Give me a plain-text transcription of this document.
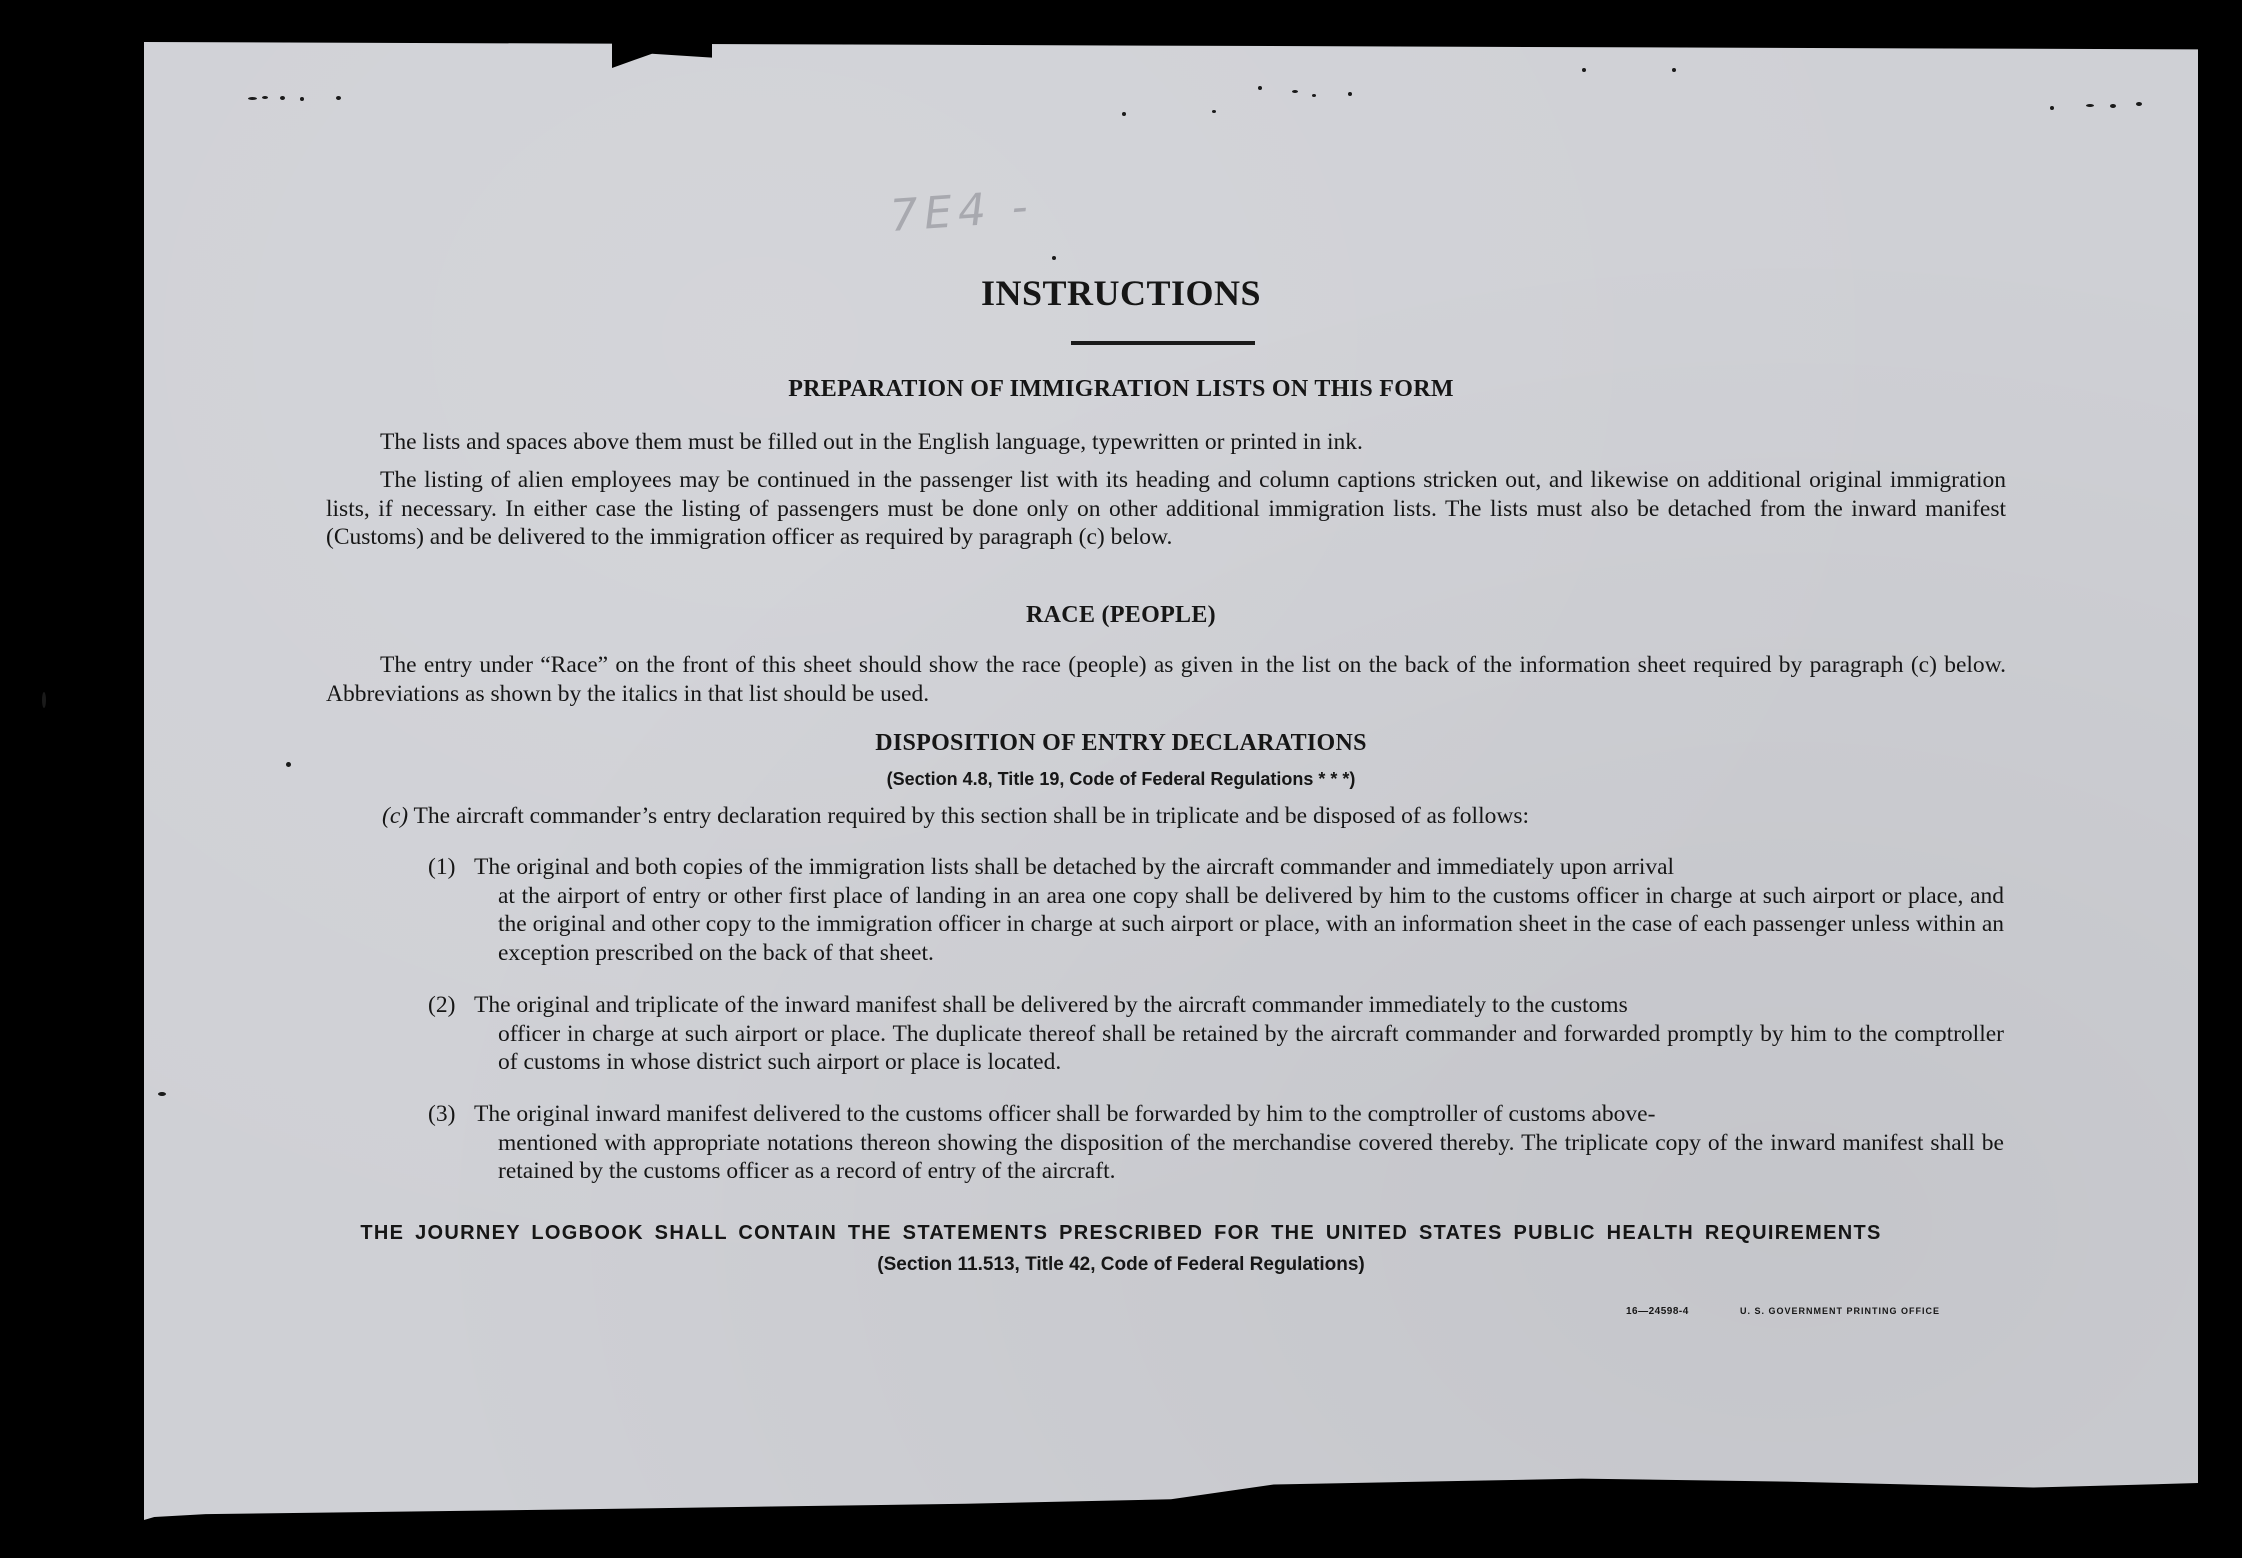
7E4 -
INSTRUCTIONS
PREPARATION OF IMMIGRATION LISTS ON THIS FORM

The lists and spaces above them must be filled out in the English language, typewritten or printed in ink.

The listing of alien employees may be continued in the passenger list with its heading and column captions stricken out, and likewise on additional original immigration lists, if necessary. In either case the listing of passengers must be done only on other additional immigration lists. The lists must also be detached from the inward manifest (Customs) and be delivered to the immigration officer as required by paragraph (c) below.

RACE (PEOPLE)

The entry under “Race” on the front of this sheet should show the race (people) as given in the list on the back of the information sheet required by paragraph (c) below. Abbreviations as shown by the italics in that list should be used.

DISPOSITION OF ENTRY DECLARATIONS
(Section 4.8, Title 19, Code of Federal Regulations * * *)

(c) The aircraft commander’s entry declaration required by this section shall be in triplicate and be disposed of as follows:

(1) The original and both copies of the immigration lists shall be detached by the aircraft commander and immediately upon arrival
at the airport of entry or other first place of landing in an area one copy shall be delivered by him to the customs officer in charge at such airport or place, and the original and other copy to the immigration officer in charge at such airport or place, with an information sheet in the case of each passenger unless within an exception prescribed on the back of that sheet.
(2) The original and triplicate of the inward manifest shall be delivered by the aircraft commander immediately to the customs
officer in charge at such airport or place. The duplicate thereof shall be retained by the aircraft commander and forwarded promptly by him to the comptroller of customs in whose district such airport or place is located.
(3) The original inward manifest delivered to the customs officer shall be forwarded by him to the comptroller of customs above-
mentioned with appropriate notations thereon showing the disposition of the merchandise covered thereby. The triplicate copy of the inward manifest shall be retained by the customs officer as a record of entry of the aircraft.
THE JOURNEY LOGBOOK SHALL CONTAIN THE STATEMENTS PRESCRIBED FOR THE UNITED STATES PUBLIC HEALTH REQUIREMENTS
(Section 11.513, Title 42, Code of Federal Regulations)
16—24598-4	U. S. GOVERNMENT PRINTING OFFICE
